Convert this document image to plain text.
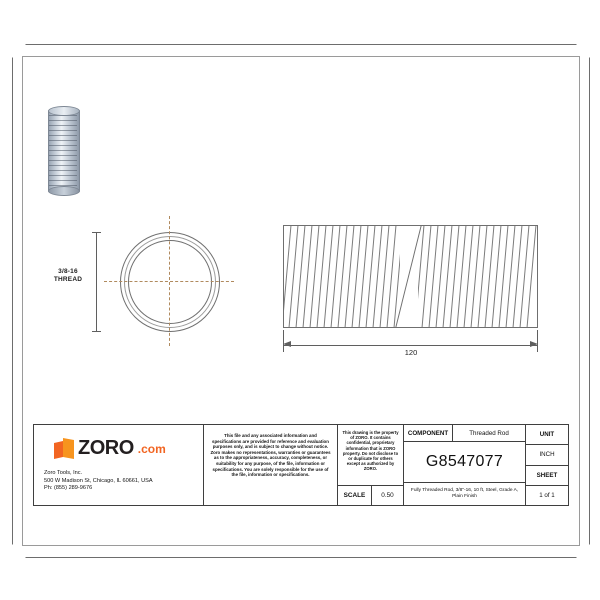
3/8-16
THREAD
120
ZORO .com
Zoro Tools, Inc.
500 W Madison St, Chicago, IL 60661, USA
Ph: (855) 289-9676

This file and any associated information and specifications are provided for reference and evaluation purposes only, and is subject to change without notice. Zoro makes no representations, warranties or guarantees as to the appropriateness, accuracy, completeness, or suitability for any purpose, of the file, information or specifications. You are solely responsible for the use of the file, information or specifications.

This drawing is the property of ZORO. It contains confidential, proprietary information that is ZORO property. Do not disclose to or duplicate for others except as authorized by ZORO.
SCALE	0.50
COMPONENT	Threaded Rod
G8547077
Fully Threaded Rod, 3/8"-16, 10 ft, Steel, Grade A, Plain Finish
UNIT
INCH
SHEET
1 of 1
